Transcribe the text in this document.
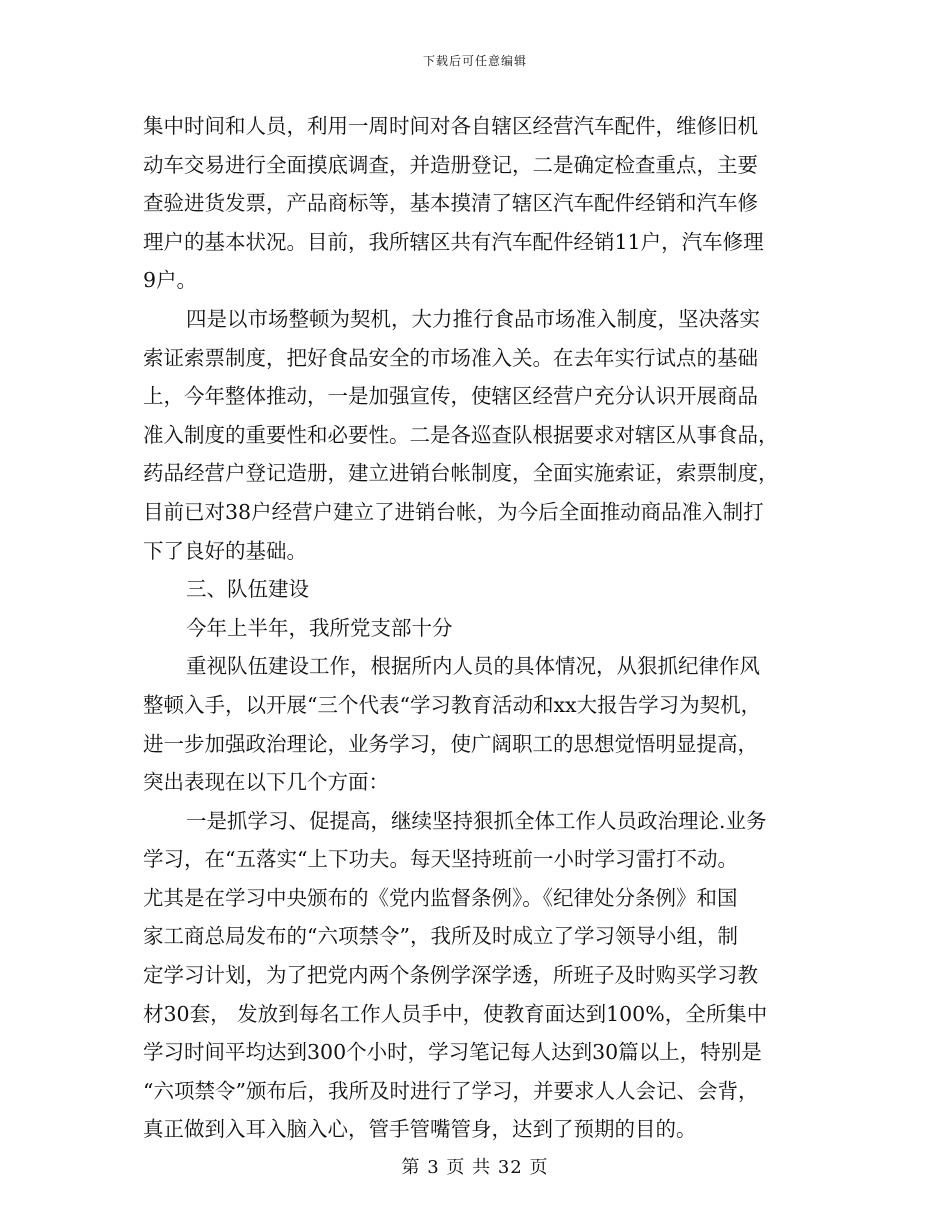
下载后可任意编辑
集中时间和人员，利用一周时间对各自辖区经营汽车配件，维修旧机
动车交易进行全面摸底调查，并造册登记，二是确定检查重点，主要
查验进货发票，产品商标等，基本摸清了辖区汽车配件经销和汽车修
理户的基本状况。目前，我所辖区共有汽车配件经销11户，汽车修理
9户。
四是以市场整顿为契机，大力推行食品市场准入制度，坚决落实
索证索票制度，把好食品安全的市场准入关。在去年实行试点的基础
上，今年整体推动，一是加强宣传，使辖区经营户充分认识开展商品
准入制度的重要性和必要性。二是各巡查队根据要求对辖区从事食品，
药品经营户登记造册，建立进销台帐制度，全面实施索证，索票制度，
目前已对38户经营户建立了进销台帐，为今后全面推动商品准入制打
下了良好的基础。
三、队伍建设
今年上半年，我所党支部十分
重视队伍建设工作，根据所内人员的具体情况，从狠抓纪律作风
整顿入手，以开展“三个代表“学习教育活动和xx大报告学习为契机，
进一步加强政治理论，业务学习，使广阔职工的思想觉悟明显提高，
突出表现在以下几个方面：
一是抓学习、促提高，继续坚持狠抓全体工作人员政治理论.业务
学习，在“五落实“上下功夫。每天坚持班前一小时学习雷打不动。
尤其是在学习中央颁布的《党内监督条例》。《纪律处分条例》和国
家工商总局发布的“六项禁令”，我所及时成立了学习领导小组，制
定学习计划，为了把党内两个条例学深学透，所班子及时购买学习教
材30套， 发放到每名工作人员手中，使教育面达到100%，全所集中
学习时间平均达到300个小时，学习笔记每人达到30篇以上，特别是
“六项禁令”颁布后，我所及时进行了学习，并要求人人会记、会背，
真正做到入耳入脑入心，管手管嘴管身，达到了预期的目的。
第 3 页 共 32 页
